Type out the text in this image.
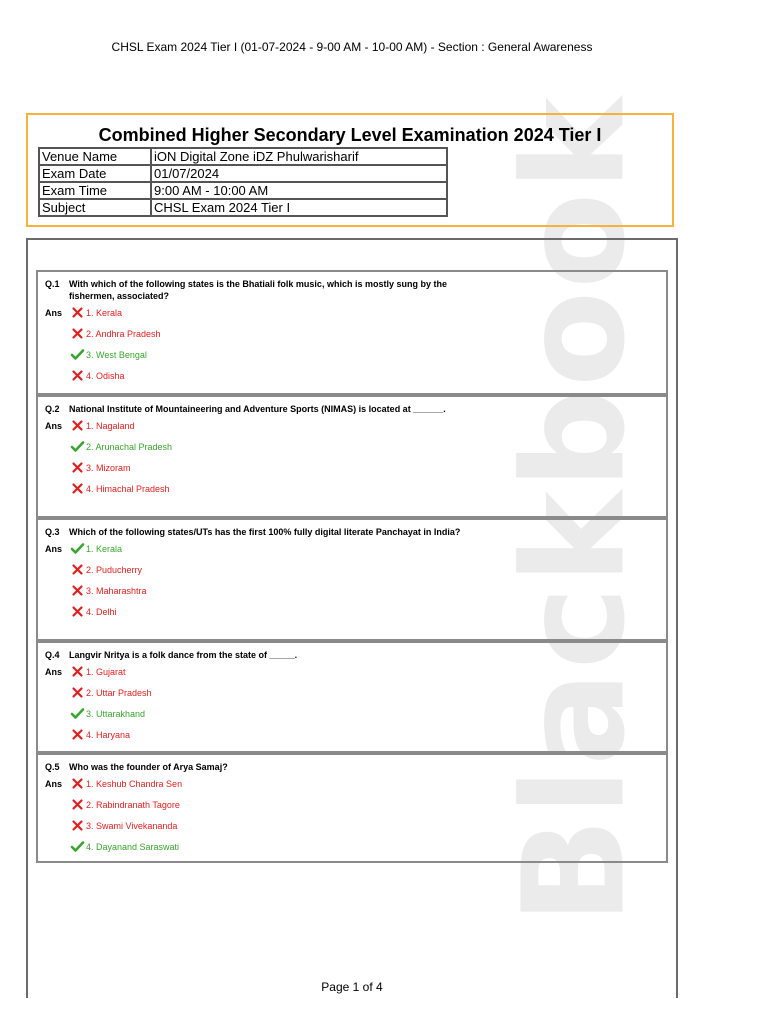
CHSL Exam 2024 Tier I (01-07-2024 - 9-00 AM - 10-00 AM) - Section : General Awareness
Blackbook
Combined Higher Secondary Level Examination 2024 Tier I
Venue Name	iON Digital Zone iDZ Phulwarisharif
Exam Date	01/07/2024
Exam Time	9:00 AM - 10:00 AM
Subject	CHSL Exam 2024 Tier I
Q.1	With which of the following states is the Bhatiali folk music, which is mostly sung by the fishermen, associated?
Ans	1. Kerala
2. Andhra Pradesh
3. West Bengal
4. Odisha
Q.2	National Institute of Mountaineering and Adventure Sports (NIMAS) is located at ______.
Ans	1. Nagaland
2. Arunachal Pradesh
3. Mizoram
4. Himachal Pradesh
Q.3	Which of the following states/UTs has the first 100% fully digital literate Panchayat in India?
Ans	1. Kerala
2. Puducherry
3. Maharashtra
4. Delhi
Q.4	Langvir Nritya is a folk dance from the state of _____.
Ans	1. Gujarat
2. Uttar Pradesh
3. Uttarakhand
4. Haryana
Q.5	Who was the founder of Arya Samaj?
Ans	1. Keshub Chandra Sen
2. Rabindranath Tagore
3. Swami Vivekananda
4. Dayanand Saraswati
Page 1 of 4
